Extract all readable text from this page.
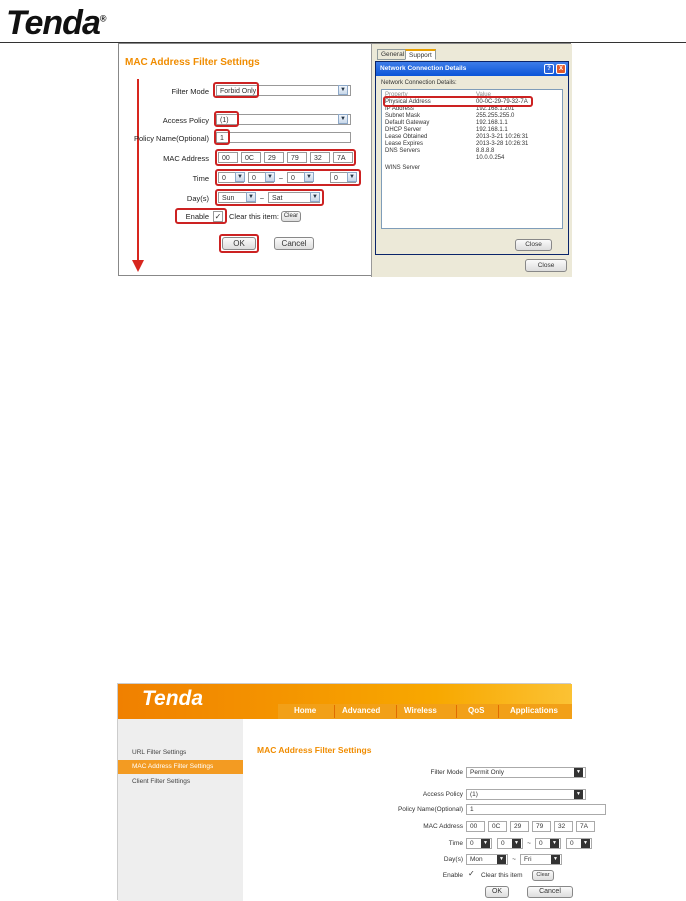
Tenda®
MAC Address Filter Settings
Filter Mode	Forbid Only	▼
Access Policy	(1)	▼
Policy Name(Optional)	1
MAC Address	00	0C	29	79	32	7A
Time	0	▼	0	▼ ~	0	▼	0	▼
Day(s)	Sun	▼ ~	Sat	▼
Enable ✓ Clear this item: Clear
OK	Cancel
General Support
Close
Network Connection Details	?	X
Network Connection Details:
Property	Value
Physical Address	00-0C-29-79-32-7A
IP Address	192.168.1.201
Subnet Mask	255.255.255.0
Default Gateway	192.168.1.1
DHCP Server	192.168.1.1
Lease Obtained	2013-3-21 10:26:31
Lease Expires	2013-3-28 10:26:31
DNS Servers	8.8.8.8
10.0.0.254
WINS Server
Close
Tenda
Home	Advanced	Wireless	QoS	Applications
URL Filter Settings
MAC Address Filter Settings
Client Filter Settings
MAC Address Filter Settings
Filter Mode	Permit Only	▼
Access Policy	(1)	▼
Policy Name(Optional)	1
MAC Address	00	0C	29	79	32	7A
Time	0	▼	0	▼	~	0	▼	0	▼
Day(s)	Mon	▼	~	Fri	▼
Enable ✓ Clear this item	Clear
OK	Cancel
